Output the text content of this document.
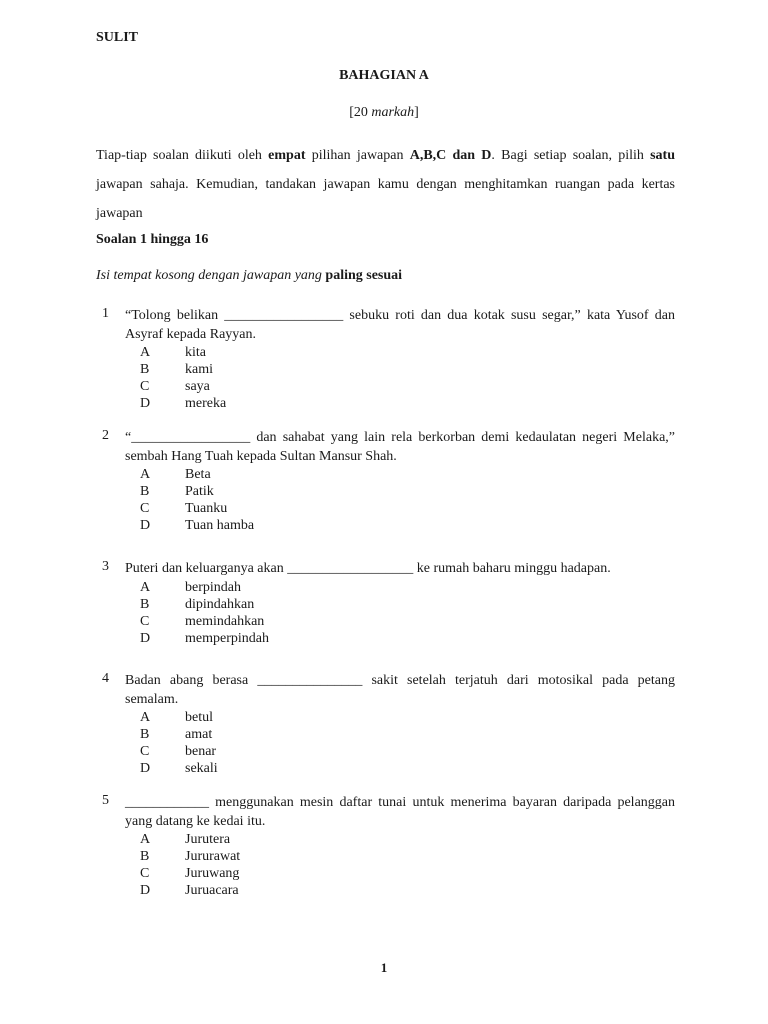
SULIT
BAHAGIAN A
[20 markah]
Tiap-tiap soalan diikuti oleh empat pilihan jawapan A,B,C dan D. Bagi setiap soalan, pilih satu jawapan sahaja. Kemudian, tandakan jawapan kamu dengan menghitamkan ruangan pada kertas jawapan
Soalan 1 hingga 16
Isi tempat kosong dengan jawapan yang paling sesuai
1 “Tolong belikan _________________ sebuku roti dan dua kotak susu segar,” kata Yusof dan Asyraf kepada Rayyan.
A kita
B	kami
C	saya
D mereka
2 “_________________ dan sahabat yang lain rela berkorban demi kedaulatan negeri Melaka,” sembah Hang Tuah kepada Sultan Mansur Shah.
A Beta
B	Patik
C	Tuanku
D Tuan hamba
3 Puteri dan keluarganya akan __________________ ke rumah baharu minggu hadapan.
A berpindah
B	dipindahkan
C	memindahkan
D memperpindah
4 Badan abang berasa _______________ sakit setelah terjatuh dari motosikal pada petang semalam.
A betul
B	amat
C	benar
D sekali
5 ____________ menggunakan mesin daftar tunai untuk menerima bayaran daripada pelanggan yang datang ke kedai itu.
A Jurutera
B	Jururawat
C	Juruwang
D Juruacara
1
